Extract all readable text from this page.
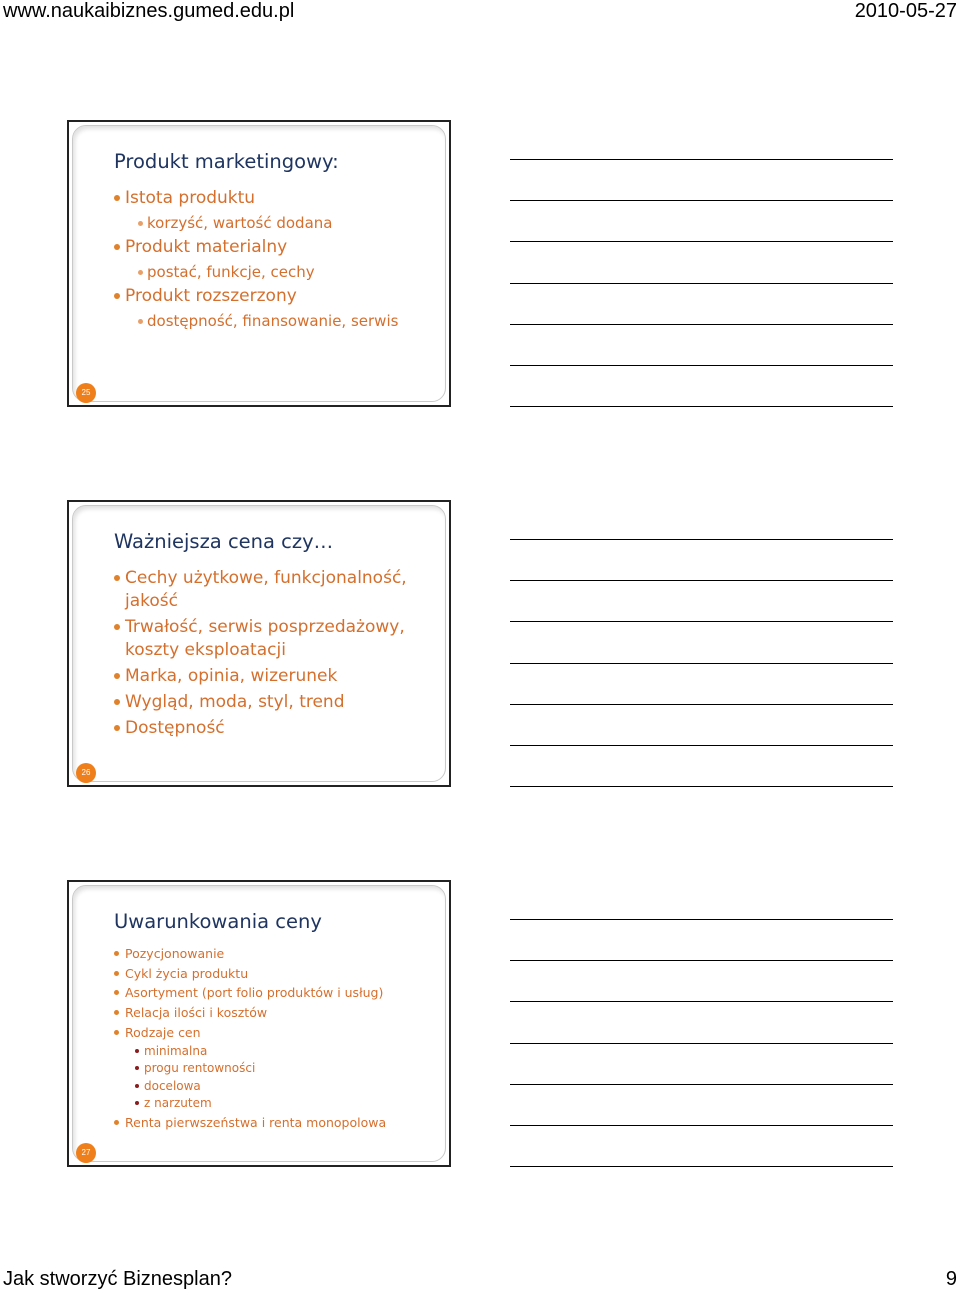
www.naukaibiznes.gumed.edu.pl	2010-05-27
Produkt marketingowy:
Istota produktu
korzyść, wartość dodana
Produkt materialny
postać, funkcje, cechy
Produkt rozszerzony
dostępność, finansowanie, serwis
25
Ważniejsza cena czy…
Cechy użytkowe, funkcjonalność, jakość
Trwałość, serwis posprzedażowy, koszty eksploatacji
Marka, opinia, wizerunek
Wygląd, moda, styl, trend
Dostępność
26
Uwarunkowania ceny
Pozycjonowanie
Cykl życia produktu
Asortyment (port folio produktów i usług)
Relacja ilości i kosztów
Rodzaje cen
minimalna
progu rentowności
docelowa
z narzutem
Renta pierwszeństwa i renta monopolowa
27
Jak stworzyć Biznesplan?	9
